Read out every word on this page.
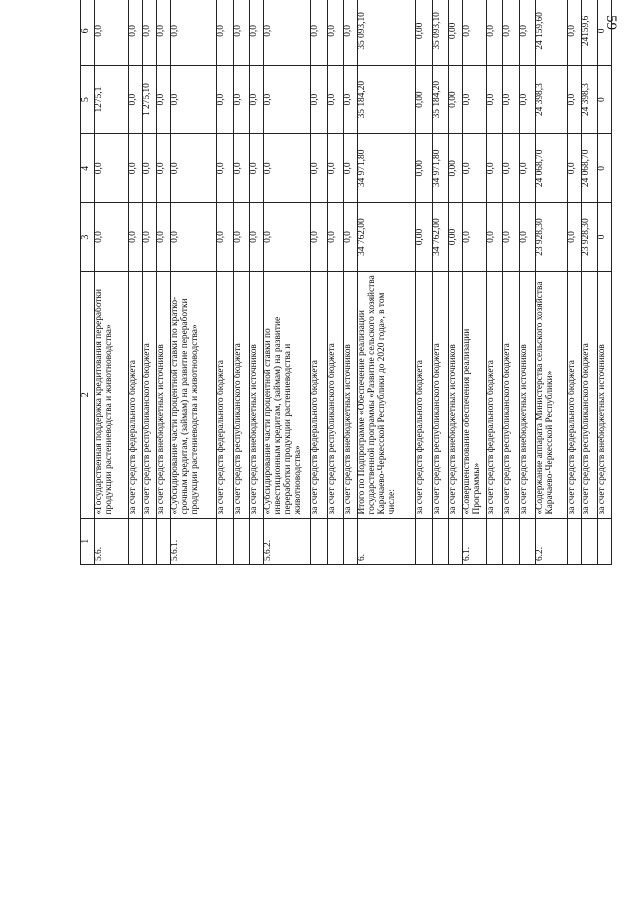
59
1	2	3	4	5	6				
5.6.	«Государственная поддержка кредитования переработки продукции растениеводства и животноводства»	0,0	0,0	1275,1	0,0				
	за счет средств федерального бюджета	0,0	0,0	0,0	0,0				
	за счет средств республиканского бюджета	0,0	0,0	1 275,10	0,0				
	за счет средств внебюджетных источников	0,0	0,0	0,0	0,0				
5.6.1.	«Субсидирование части процентной ставки по краткосрочным кредитам, (займам) на развитие переработки продукции растениеводства и животноводства»	0,0	0,0	0,0	0,0				
	за счет средств федерального бюджета	0,0	0,0	0,0	0,0				
	за счет средств республиканского бюджета	0,0	0,0	0,0	0,0				
	за счет средств внебюджетных источников	0,0	0,0	0,0	0,0				
5.6.2.	«Субсидирование части процентной ставки по инвестиционным кредитам, (займам) на развитие переработки продукции растениеводства и животноводства»	0,0	0,0	0,0	0,0				
	за счет средств федерального бюджета	0,0	0,0	0,0	0,0				
	за счет средств республиканского бюджета	0,0	0,0	0,0	0,0				
	за счет средств внебюджетных источников	0,0	0,0	0,0	0,0				
6.	Итого по Подпрограмме «Обеспечение реализации государственной программы «Развитие сельского хозяйства Карачаево-Черкесской Республики до 2020 года», в том числе:	34 762,00	34 971,80	35 184,20	35 093,10				
	за счет средств федерального бюджета	0,00	0,00	0,00	0,00				
	за счет средств республиканского бюджета	34 762,00	34 971,80	35 184,20	35 093,10				
	за счет средств внебюджетных источников	0,00	0,00	0,00	0,00				
6.1.	«Совершенствование обеспечения реализации Программы»	0,0	0,0	0,0	0,0				
	за счет средств федерального бюджета	0,0	0,0	0,0	0,0				
	за счет средств республиканского бюджета	0,0	0,0	0,0	0,0				
	за счет средств внебюджетных источников	0,0	0,0	0,0	0,0				
6.2.	«Содержание аппарата Министерства сельского хозяйства Карачаево-Черкесской Республики»	23 928,30	24 068,70	24 398,3	24 159,60				
	за счет средств федерального бюджета	0,0	0,0	0,0	0,0				
	за счет средств республиканского бюджета	23 928,30	24 068,70	24 398,3	24159,6				
	за счет средств внебюджетных источников	0	0	0	0				
